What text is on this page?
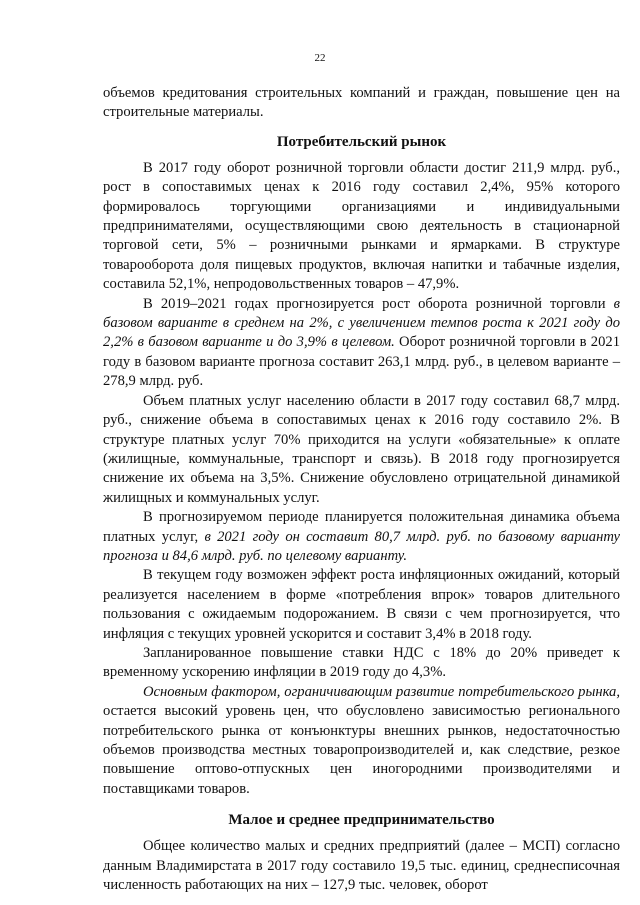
22

объемов кредитования строительных компаний и граждан, повышение цен на строительные материалы.

Потребительский рынок

В 2017 году оборот розничной торговли области достиг 211,9 млрд. руб., рост в сопоставимых ценах к 2016 году составил 2,4%, 95% которого формировалось торгующими организациями и индивидуальными предпринимателями, осуществляющими свою деятельность в стационарной торговой сети, 5% – розничными рынками и ярмарками. В структуре товарооборота доля пищевых продуктов, включая напитки и табачные изделия, составила 52,1%, непродовольственных товаров – 47,9%.

В 2019–2021 годах прогнозируется рост оборота розничной торговли в базовом варианте в среднем на 2%, с увеличением темпов роста к 2021 году до 2,2% в базовом варианте и до 3,9% в целевом. Оборот розничной торговли в 2021 году в базовом варианте прогноза составит 263,1 млрд. руб., в целевом варианте – 278,9 млрд. руб.

Объем платных услуг населению области в 2017 году составил 68,7 млрд. руб., снижение объема в сопоставимых ценах к 2016 году составило 2%. В структуре платных услуг 70% приходится на услуги «обязательные» к оплате (жилищные, коммунальные, транспорт и связь). В 2018 году прогнозируется снижение их объема на 3,5%. Снижение обусловлено отрицательной динамикой жилищных и коммунальных услуг.

В прогнозируемом периоде планируется положительная динамика объема платных услуг, в 2021 году он составит 80,7 млрд. руб. по базовому варианту прогноза и 84,6 млрд. руб. по целевому варианту.

В текущем году возможен эффект роста инфляционных ожиданий, который реализуется населением в форме «потребления впрок» товаров длительного пользования с ожидаемым подорожанием. В связи с чем прогнозируется, что инфляция с текущих уровней ускорится и составит 3,4% в 2018 году.

Запланированное повышение ставки НДС с 18% до 20% приведет к временному ускорению инфляции в 2019 году до 4,3%.

Основным фактором, ограничивающим развитие потребительского рынка, остается высокий уровень цен, что обусловлено зависимостью регионального потребительского рынка от конъюнктуры внешних рынков, недостаточностью объемов производства местных товаропроизводителей и, как следствие, резкое повышение оптово-отпускных цен иногородними производителями и поставщиками товаров.

Малое и среднее предпринимательство

Общее количество малых и средних предприятий (далее – МСП) согласно данным Владимирстата в 2017 году составило 19,5 тыс. единиц, среднесписочная численность работающих на них – 127,9 тыс. человек, оборот
